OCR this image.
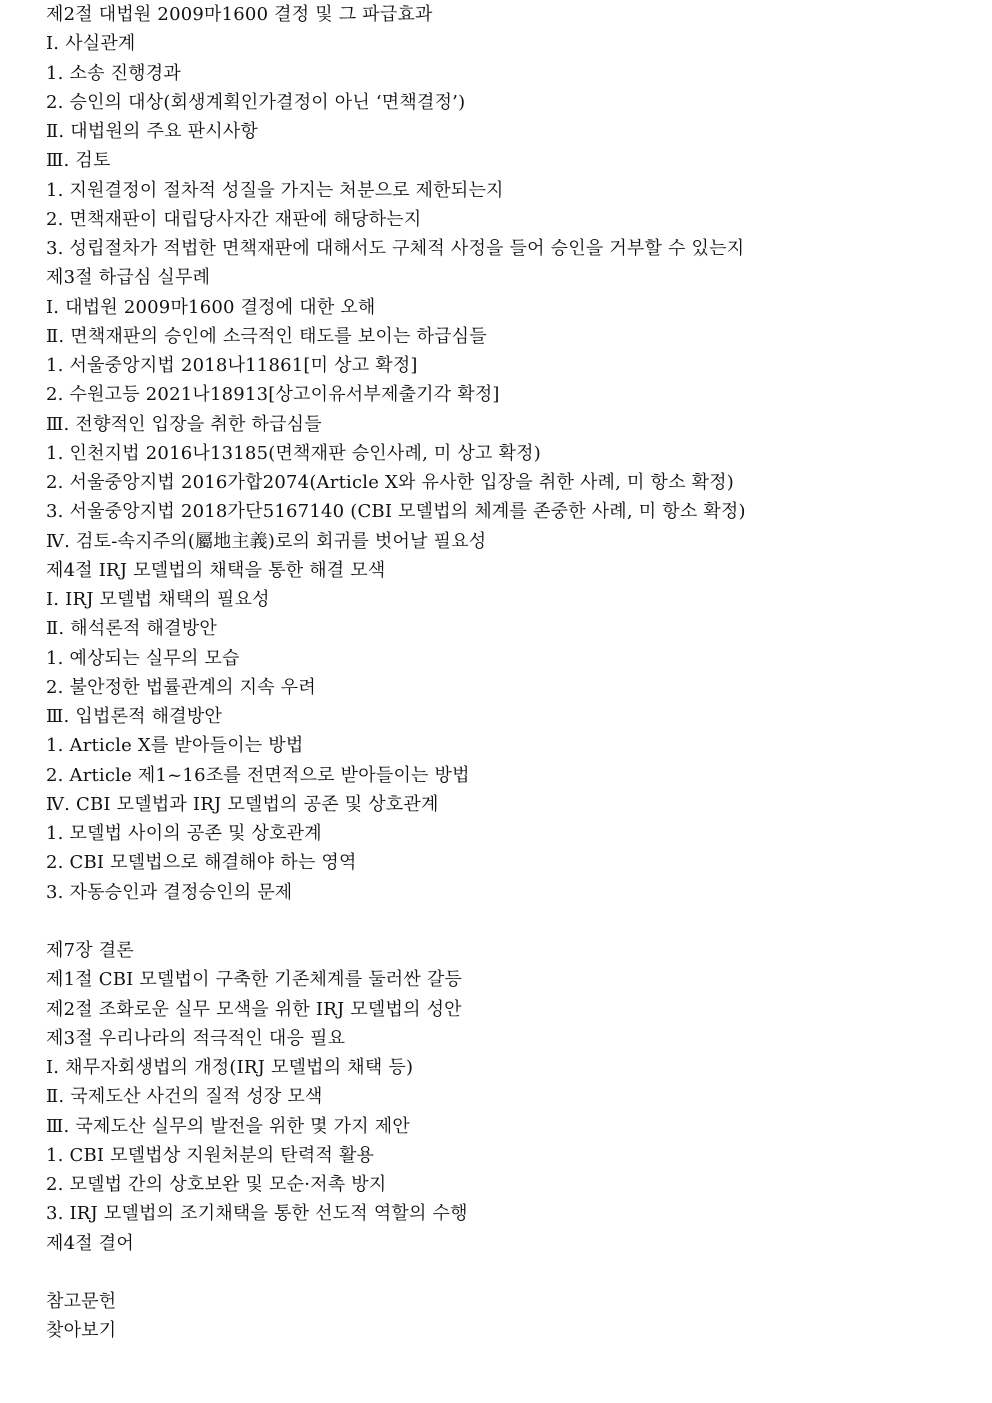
제2절 대법원 2009마1600 결정 및 그 파급효과
Ⅰ. 사실관계
1. 소송 진행경과
2. 승인의 대상(회생계획인가결정이 아닌 ‘면책결정’)
Ⅱ. 대법원의 주요 판시사항
Ⅲ. 검토
1. 지원결정이 절차적 성질을 가지는 처분으로 제한되는지
2. 면책재판이 대립당사자간 재판에 해당하는지
3. 성립절차가 적법한 면책재판에 대해서도 구체적 사정을 들어 승인을 거부할 수 있는지
제3절 하급심 실무례
Ⅰ. 대법원 2009마1600 결정에 대한 오해
Ⅱ. 면책재판의 승인에 소극적인 태도를 보이는 하급심들
1. 서울중앙지법 2018나11861[미 상고 확정]
2. 수원고등 2021나18913[상고이유서부제출기각 확정]
Ⅲ. 전향적인 입장을 취한 하급심들
1. 인천지법 2016나13185(면책재판 승인사례, 미 상고 확정)
2. 서울중앙지법 2016가합2074(Article X와 유사한 입장을 취한 사례, 미 항소 확정)
3. 서울중앙지법 2018가단5167140 (CBI 모델법의 체계를 존중한 사례, 미 항소 확정)
Ⅳ. 검토-속지주의(屬地主義)로의 회귀를 벗어날 필요성
제4절 IRJ 모델법의 채택을 통한 해결 모색
Ⅰ. IRJ 모델법 채택의 필요성
Ⅱ. 해석론적 해결방안
1. 예상되는 실무의 모습
2. 불안정한 법률관계의 지속 우려
Ⅲ. 입법론적 해결방안
1. Article X를 받아들이는 방법
2. Article 제1~16조를 전면적으로 받아들이는 방법
Ⅳ. CBI 모델법과 IRJ 모델법의 공존 및 상호관계
1. 모델법 사이의 공존 및 상호관계
2. CBI 모델법으로 해결해야 하는 영역
3. 자동승인과 결정승인의 문제
제7장 결론
제1절 CBI 모델법이 구축한 기존체계를 둘러싼 갈등
제2절 조화로운 실무 모색을 위한 IRJ 모델법의 성안
제3절 우리나라의 적극적인 대응 필요
Ⅰ. 채무자회생법의 개정(IRJ 모델법의 채택 등)
Ⅱ. 국제도산 사건의 질적 성장 모색
Ⅲ. 국제도산 실무의 발전을 위한 몇 가지 제안
1. CBI 모델법상 지원처분의 탄력적 활용
2. 모델법 간의 상호보완 및 모순·저촉 방지
3. IRJ 모델법의 조기채택을 통한 선도적 역할의 수행
제4절 결어
참고문헌
찾아보기
